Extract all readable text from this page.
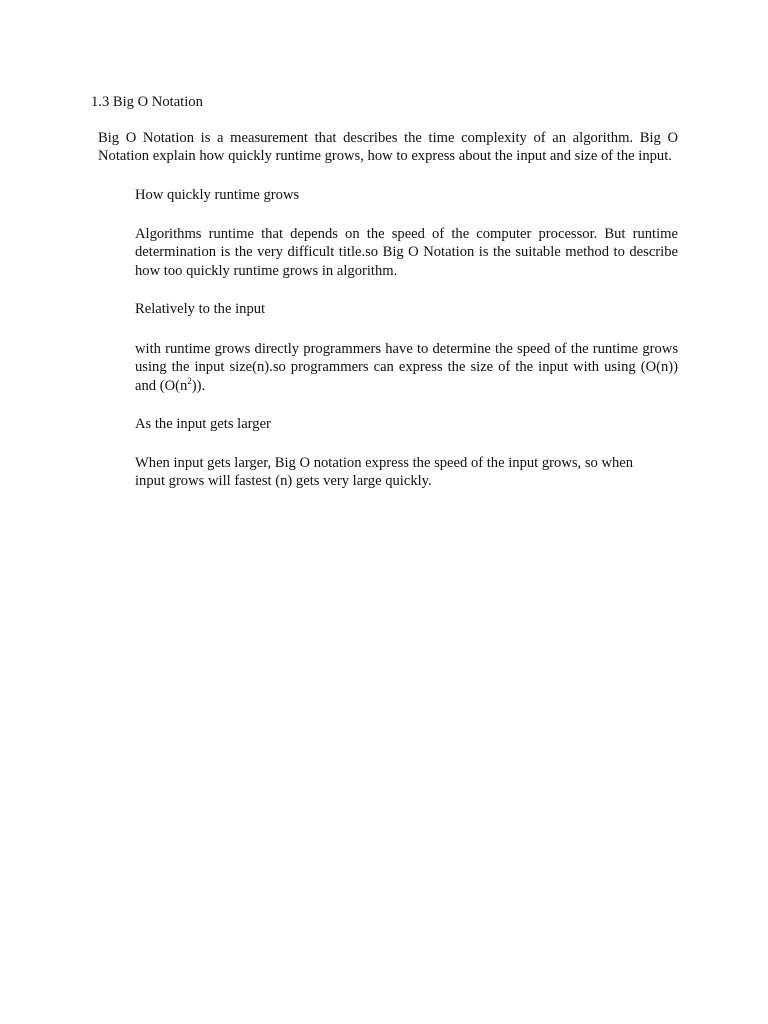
1.3 Big O Notation

Big O Notation is a measurement that describes the time complexity of an algorithm. Big O Notation explain how quickly runtime grows, how to express about the input and size of the input.

How quickly runtime grows

Algorithms runtime that depends on the speed of the computer processor. But runtime determination is the very difficult title.so Big O Notation is the suitable method to describe how too quickly runtime grows in algorithm.

Relatively to the input

with runtime grows directly programmers have to determine the speed of the runtime grows using the input size(n).so programmers can express the size of the input with using (O(n)) and $(O(n^2))$.

As the input gets larger

When input gets larger, Big O notation express the speed of the input grows, so when input grows will fastest (n) gets very large quickly.
